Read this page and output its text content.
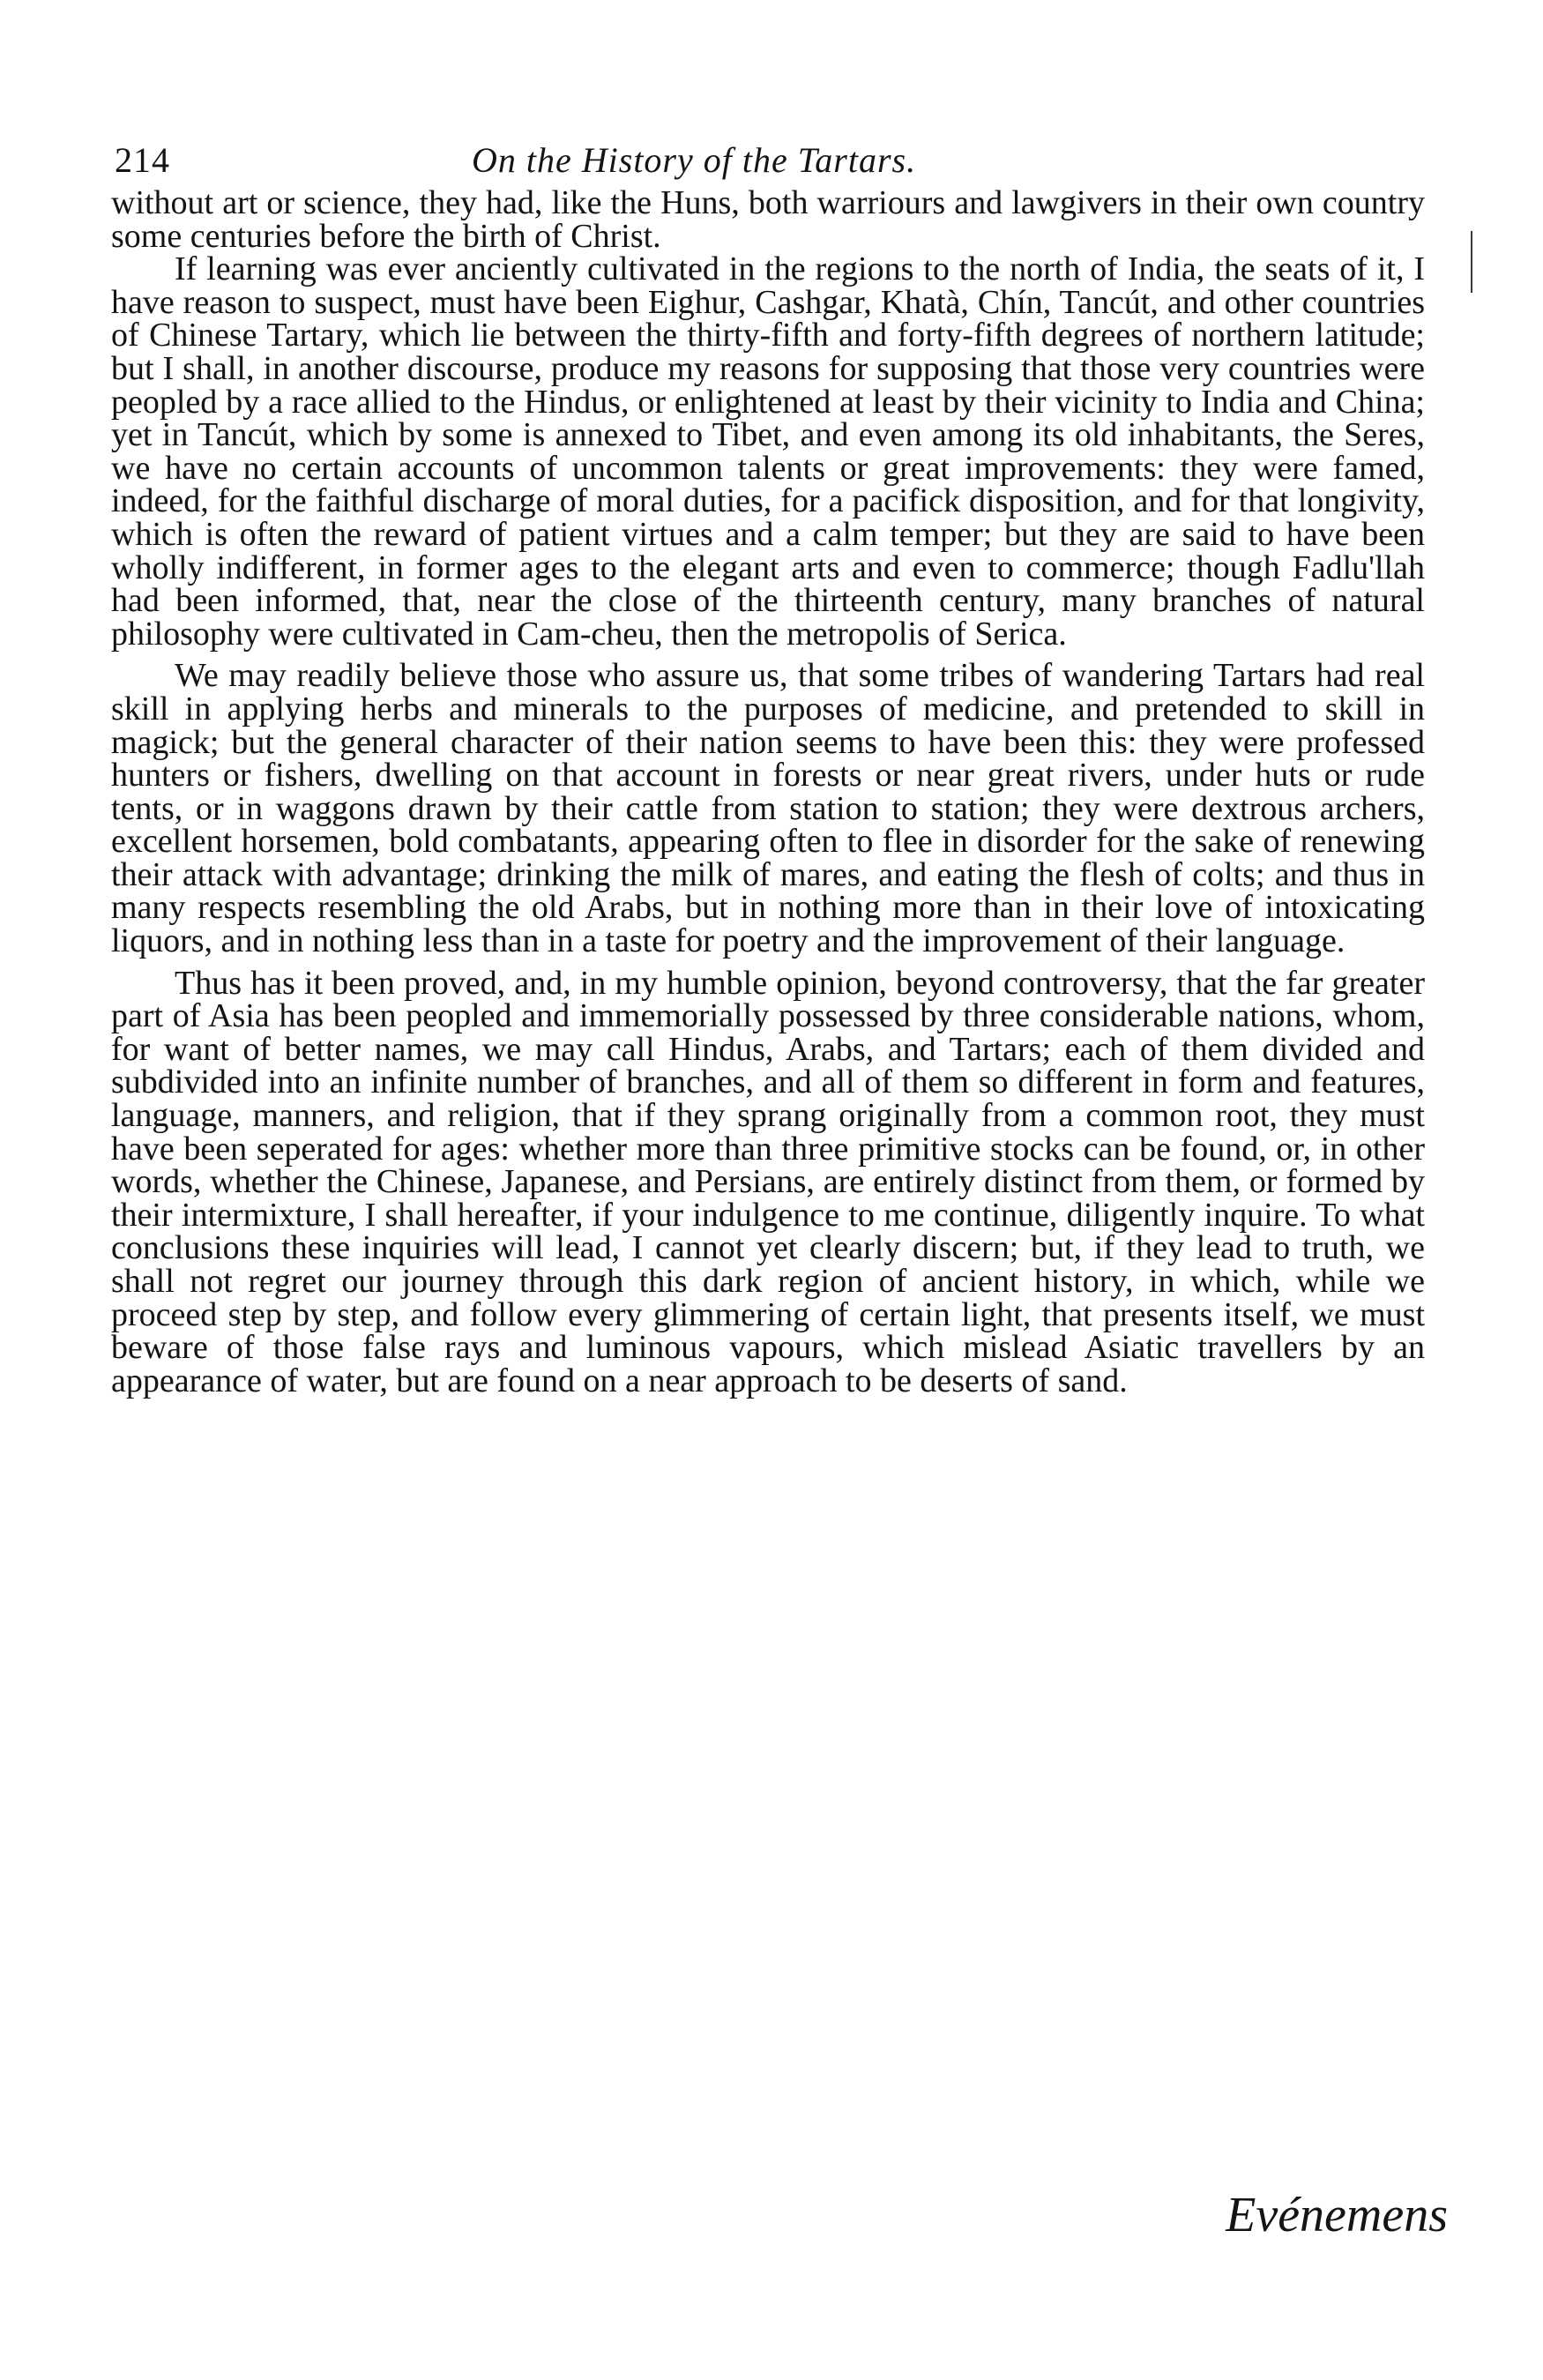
214	On the History of the Tartars.

without art or science, they had, like the Huns, both warriours and lawgivers in their own country some centuries before the birth of Christ.

If learning was ever anciently cultivated in the regions to the north of India, the seats of it, I have reason to suspect, must have been Eighur, Cashgar, Khatà, Chín, Tancút, and other countries of Chinese Tartary, which lie between the thirty-fifth and forty-fifth degrees of northern latitude; but I shall, in another discourse, produce my reasons for supposing that those very countries were peopled by a race allied to the Hindus, or enlightened at least by their vicinity to India and China; yet in Tancút, which by some is annexed to Tibet, and even among its old inhabitants, the Seres, we have no certain accounts of uncommon talents or great improvements: they were famed, indeed, for the faithful discharge of moral duties, for a pacifick disposition, and for that longivity, which is often the reward of patient virtues and a calm temper; but they are said to have been wholly indifferent, in former ages to the elegant arts and even to commerce; though Fadlu'llah had been informed, that, near the close of the thirteenth century, many branches of natural philosophy were cultivated in Cam-cheu, then the metropolis of Serica.

We may readily believe those who assure us, that some tribes of wandering Tartars had real skill in applying herbs and minerals to the purposes of medicine, and pretended to skill in magick; but the general character of their nation seems to have been this: they were professed hunters or fishers, dwelling on that account in forests or near great rivers, under huts or rude tents, or in waggons drawn by their cattle from station to station; they were dextrous archers, excellent horsemen, bold combatants, appearing often to flee in disorder for the sake of renewing their attack with advantage; drinking the milk of mares, and eating the flesh of colts; and thus in many respects resembling the old Arabs, but in nothing more than in their love of intoxicating liquors, and in nothing less than in a taste for poetry and the improvement of their language.

Thus has it been proved, and, in my humble opinion, beyond controversy, that the far greater part of Asia has been peopled and immemorially possessed by three considerable nations, whom, for want of better names, we may call Hindus, Arabs, and Tartars; each of them divided and subdivided into an infinite number of branches, and all of them so different in form and features, language, manners, and religion, that if they sprang originally from a common root, they must have been seperated for ages: whether more than three primitive stocks can be found, or, in other words, whether the Chinese, Japanese, and Persians, are entirely distinct from them, or formed by their intermixture, I shall hereafter, if your indulgence to me continue, diligently inquire. To what conclusions these inquiries will lead, I cannot yet clearly discern; but, if they lead to truth, we shall not regret our journey through this dark region of ancient history, in which, while we proceed step by step, and follow every glimmering of certain light, that presents itself, we must beware of those false rays and luminous vapours, which mislead Asiatic travellers by an appearance of water, but are found on a near approach to be deserts of sand.

Evénemens
